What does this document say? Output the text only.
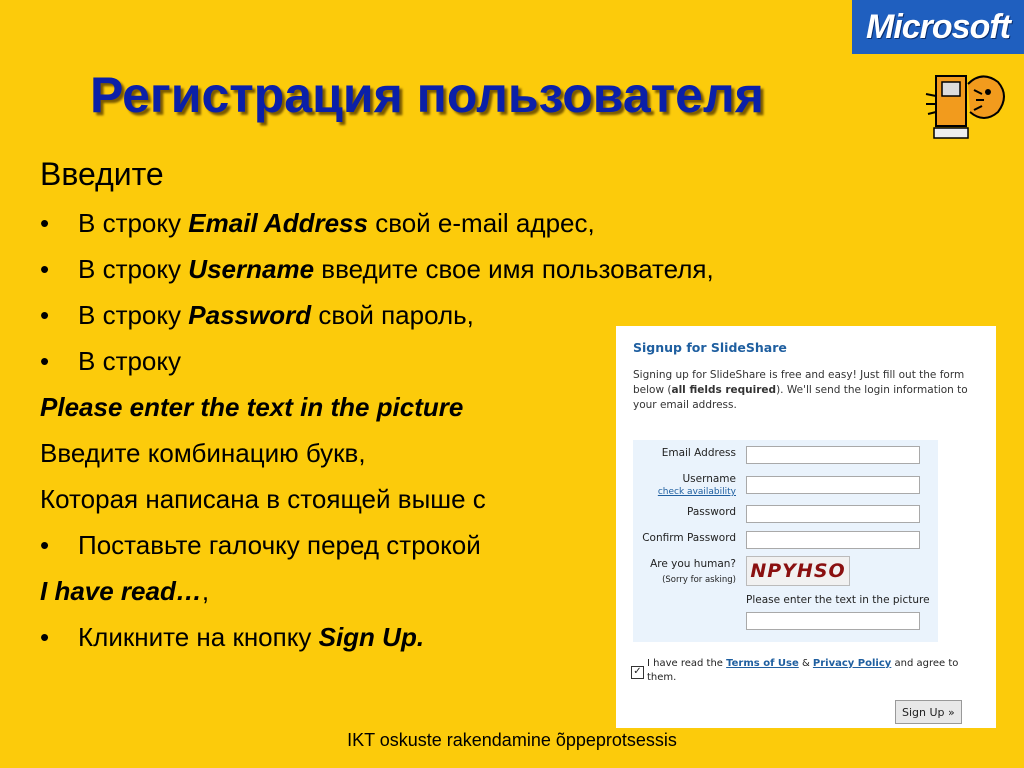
Microsoft
Регистрация пользователя

Введите

•	В строку Email Address свой e-mail адрес,

•	В строку Username введите свое имя пользователя,

•	В строку Password свой пароль,

•	В строку

Please enter the text in the picture

Введите комбинацию букв,

Которая написана в стоящей выше с

•	Поставьте галочку перед строкой

I have read…,

•	Кликните на кнопку Sign Up.

Signup for SlideShare
Signing up for SlideShare is free and easy! Just fill out the form below (all fields required). We'll send the login information to your email address.
Email Address
Username
check availability
Password
Confirm Password
Are you human?
(Sorry for asking) NPYHSO
Please enter the text in the picture
✓
I have read the Terms of Use & Privacy Policy and agree to them.
Sign Up »
IKT oskuste rakendamine õppeprotsessis
